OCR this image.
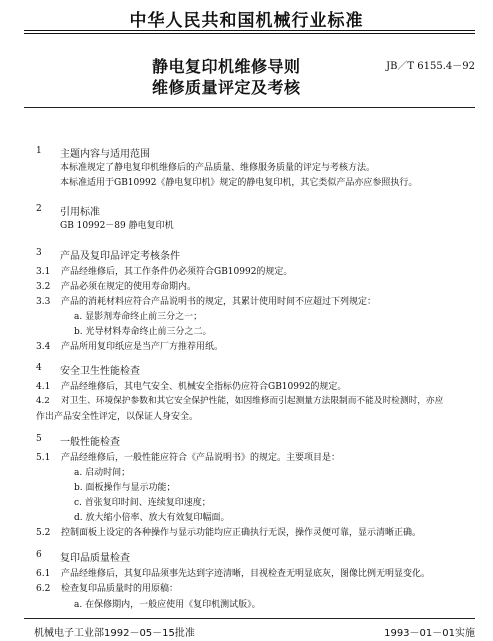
中华人民共和国机械行业标准
静电复印机维修导则
维修质量评定及考核
JB／T 6155.4－92
1 主题内容与适用范围
本标准规定了静电复印机维修后的产品质量、维修服务质量的评定与考核方法。
本标准适用于GB10992《静电复印机》规定的静电复印机，其它类似产品亦应参照执行。
2 引用标准
GB 10992－89 静电复印机
3 产品及复印品评定考核条件
3.1 产品经维修后，其工作条件仍必须符合GB10992的规定。
3.2 产品必须在规定的使用寿命期内。
3.3 产品的消耗材料应符合产品说明书的规定，其累计使用时间不应超过下列规定：
a. 显影剂寿命终止前三分之一；
b. 光导材料寿命终止前三分之二。
3.4 产品所用复印纸应是当产厂方推荐用纸。
4 安全卫生性能检查
4.1 产品经维修后，其电气安全、机械安全指标仍应符合GB10992的规定。
4.2 对卫生、环境保护参数和其它安全保护性能，如因维修而引起测量方法限制而不能及时检测时，亦应
作出产品安全性评定，以保证人身安全。
5 一般性能检查
5.1 产品经维修后，一般性能应符合《产品说明书》的规定。主要项目是：
a. 启动时间；
b. 面板操作与显示功能；
c. 首张复印时间、连续复印速度；
d. 放大缩小倍率、放大有效复印幅面。
5.2 控制面板上设定的各种操作与显示功能均应正确执行无误，操作灵便可靠，显示清晰正确。
6 复印品质量检查
6.1 产品经维修后，其复印品须事先达到字迹清晰，目视检查无明显底灰，图像比例无明显变化。
6.2 检查复印品质量时的用原稿：
a. 在保修期内，一般应使用《复印机测试版》。
机械电子工业部1992－05－15批准	1993－01－01实施
